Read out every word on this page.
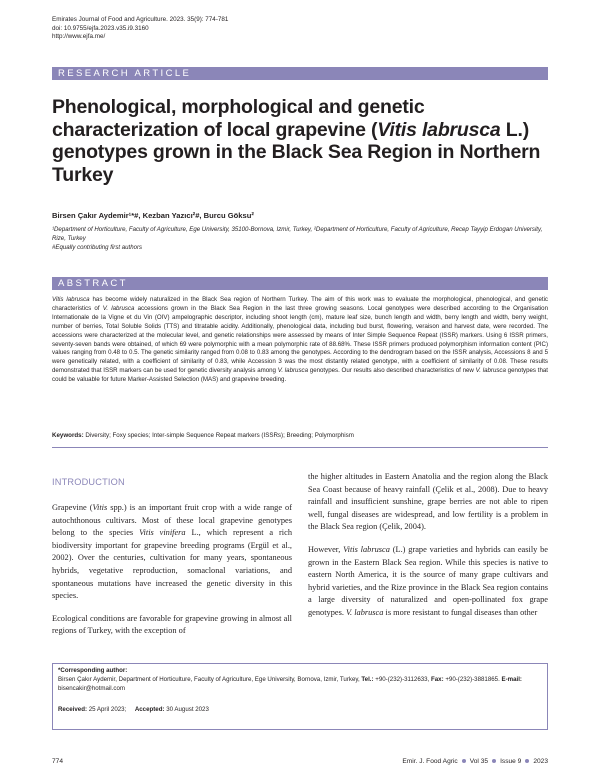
Emirates Journal of Food and Agriculture. 2023. 35(9): 774-781
doi: 10.9755/ejfa.2023.v35.i9.3160
http://www.ejfa.me/
RESEARCH ARTICLE
Phenological, morphological and genetic characterization of local grapevine (Vitis labrusca L.) genotypes grown in the Black Sea Region in Northern Turkey
Birsen Çakır Aydemir¹*#, Kezban Yazıcı²#, Burcu Göksu²
¹Department of Horticulture, Faculty of Agriculture, Ege University, 35100-Bornova, Izmir, Turkey, ²Department of Horticulture, Faculty of Agriculture, Recep Tayyip Erdogan University, Rize, Turkey
#Equally contributing first authors
ABSTRACT
Vitis labrusca has become widely naturalized in the Black Sea region of Northern Turkey. The aim of this work was to evaluate the morphological, phenological, and genetic characteristics of V. labrusca accessions grown in the Black Sea Region in the last three growing seasons. Local genotypes were described according to the Organisation Internationale de la Vigne et du Vin (OIV) ampelographic descriptor, including shoot length (cm), mature leaf size, bunch length and width, berry length and width, berry weight, number of berries, Total Soluble Solids (TTS) and titratable acidity. Additionally, phenological data, including bud burst, flowering, veraison and harvest date, were recorded. The accessions were characterized at the molecular level, and genetic relationships were assessed by means of Inter Simple Sequence Repeat (ISSR) markers. Using 6 ISSR primers, seventy-seven bands were obtained, of which 69 were polymorphic with a mean polymorphic rate of 88.68%. These ISSR primers produced polymorphism information content (PIC) values ranging from 0.48 to 0.5. The genetic similarity ranged from 0.08 to 0.83 among the genotypes. According to the dendrogram based on the ISSR analysis, Accessions 8 and 5 were genetically related, with a coefficient of similarity of 0.83, while Accession 3 was the most distantly related genotype, with a coefficient of similarity of 0.08. These results demonstrated that ISSR markers can be used for genetic diversity analysis among V. labrusca genotypes. Our results also described characteristics of new V. labrusca genotypes that could be valuable for future Marker-Assisted Selection (MAS) and grapevine breeding.
Keywords: Diversity; Foxy species; Inter-simple Sequence Repeat markers (ISSRs); Breeding; Polymorphism
INTRODUCTION

Grapevine (Vitis spp.) is an important fruit crop with a wide range of autochthonous cultivars. Most of these local grapevine genotypes belong to the species Vitis vinifera L., which represent a rich biodiversity important for grapevine breeding programs (Ergül et al., 2002). Over the centuries, cultivation for many years, spontaneous hybrids, vegetative reproduction, somaclonal variations, and spontaneous mutations have increased the genetic diversity in this species.

Ecological conditions are favorable for grapevine growing in almost all regions of Turkey, with the exception of

the higher altitudes in Eastern Anatolia and the region along the Black Sea Coast because of heavy rainfall (Çelik et al., 2008). Due to heavy rainfall and insufficient sunshine, grape berries are not able to ripen well, fungal diseases are widespread, and low fertility is a problem in the Black Sea region (Çelik, 2004).

However, Vitis labrusca (L.) grape varieties and hybrids can easily be grown in the Eastern Black Sea region. While this species is native to eastern North America, it is the source of many grape cultivars and hybrid varieties, and the Rize province in the Black Sea region contains a large diversity of naturalized and open-pollinated fox grape genotypes. V. labrusca is more resistant to fungal diseases than other

*Corresponding author:
Birsen Çakır Aydemir, Department of Horticulture, Faculty of Agriculture, Ege University, Bornova, Izmir, Turkey, Tel.: +90-(232)-3112633, Fax: +90-(232)-3881865. E-mail: bisencakir@hotmail.com
Received: 25 April 2023; Accepted: 30 August 2023
774	Emir. J. Food Agric Vol 35 Issue 9 2023
